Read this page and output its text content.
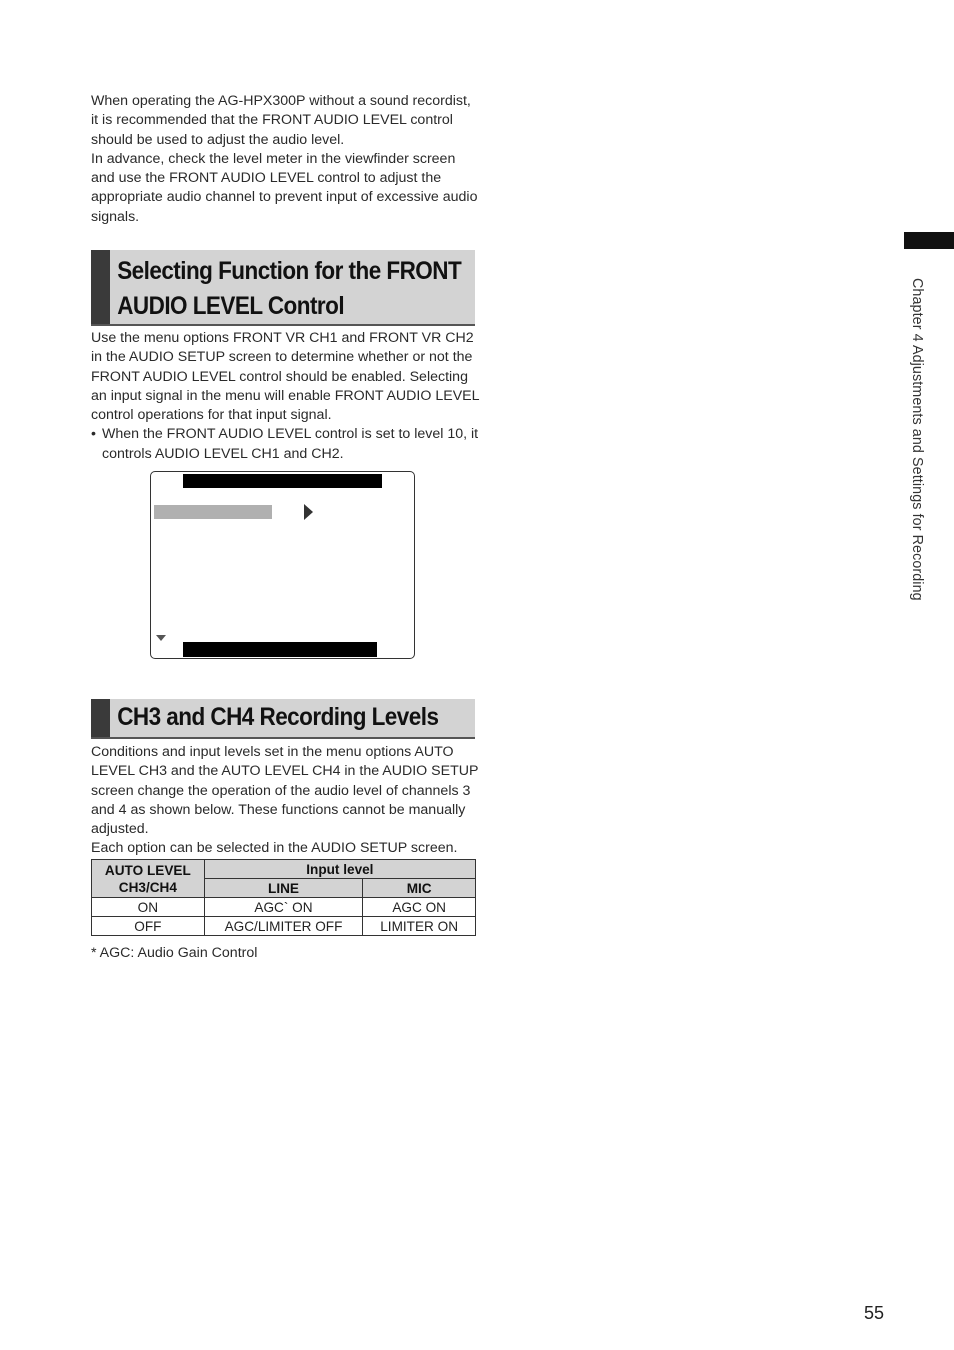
When operating the AG-HPX300P without a sound recordist, it is recommended that the FRONT AUDIO LEVEL control should be used to adjust the audio level.

In advance, check the level meter in the viewfinder screen and use the FRONT AUDIO LEVEL control to adjust the appropriate audio channel to prevent input of excessive audio signals.

Selecting Function for the FRONT
AUDIO LEVEL Control

Use the menu options FRONT VR CH1 and FRONT VR CH2 in the AUDIO SETUP screen to determine whether or not the FRONT AUDIO LEVEL control should be enabled. Selecting an input signal in the menu will enable FRONT AUDIO LEVEL control operations for that input signal.

• When the FRONT AUDIO LEVEL control is set to level 10, it controls AUDIO LEVEL CH1 and CH2.
CH3 and CH4 Recording Levels

Conditions and input levels set in the menu options AUTO LEVEL CH3 and the AUTO LEVEL CH4 in the AUDIO SETUP screen change the operation of the audio level of channels 3 and 4 as shown below. These functions cannot be manually adjusted.

Each option can be selected in the AUDIO SETUP screen.

AUTO LEVEL
CH3/CH4	Input level	
	LINE	MIC
ON	AGC` ON	AGC ON
OFF	AGC/LIMITER OFF	LIMITER ON
* AGC: Audio Gain Control
Chapter 4 Adjustments and Settings for Recording
55
